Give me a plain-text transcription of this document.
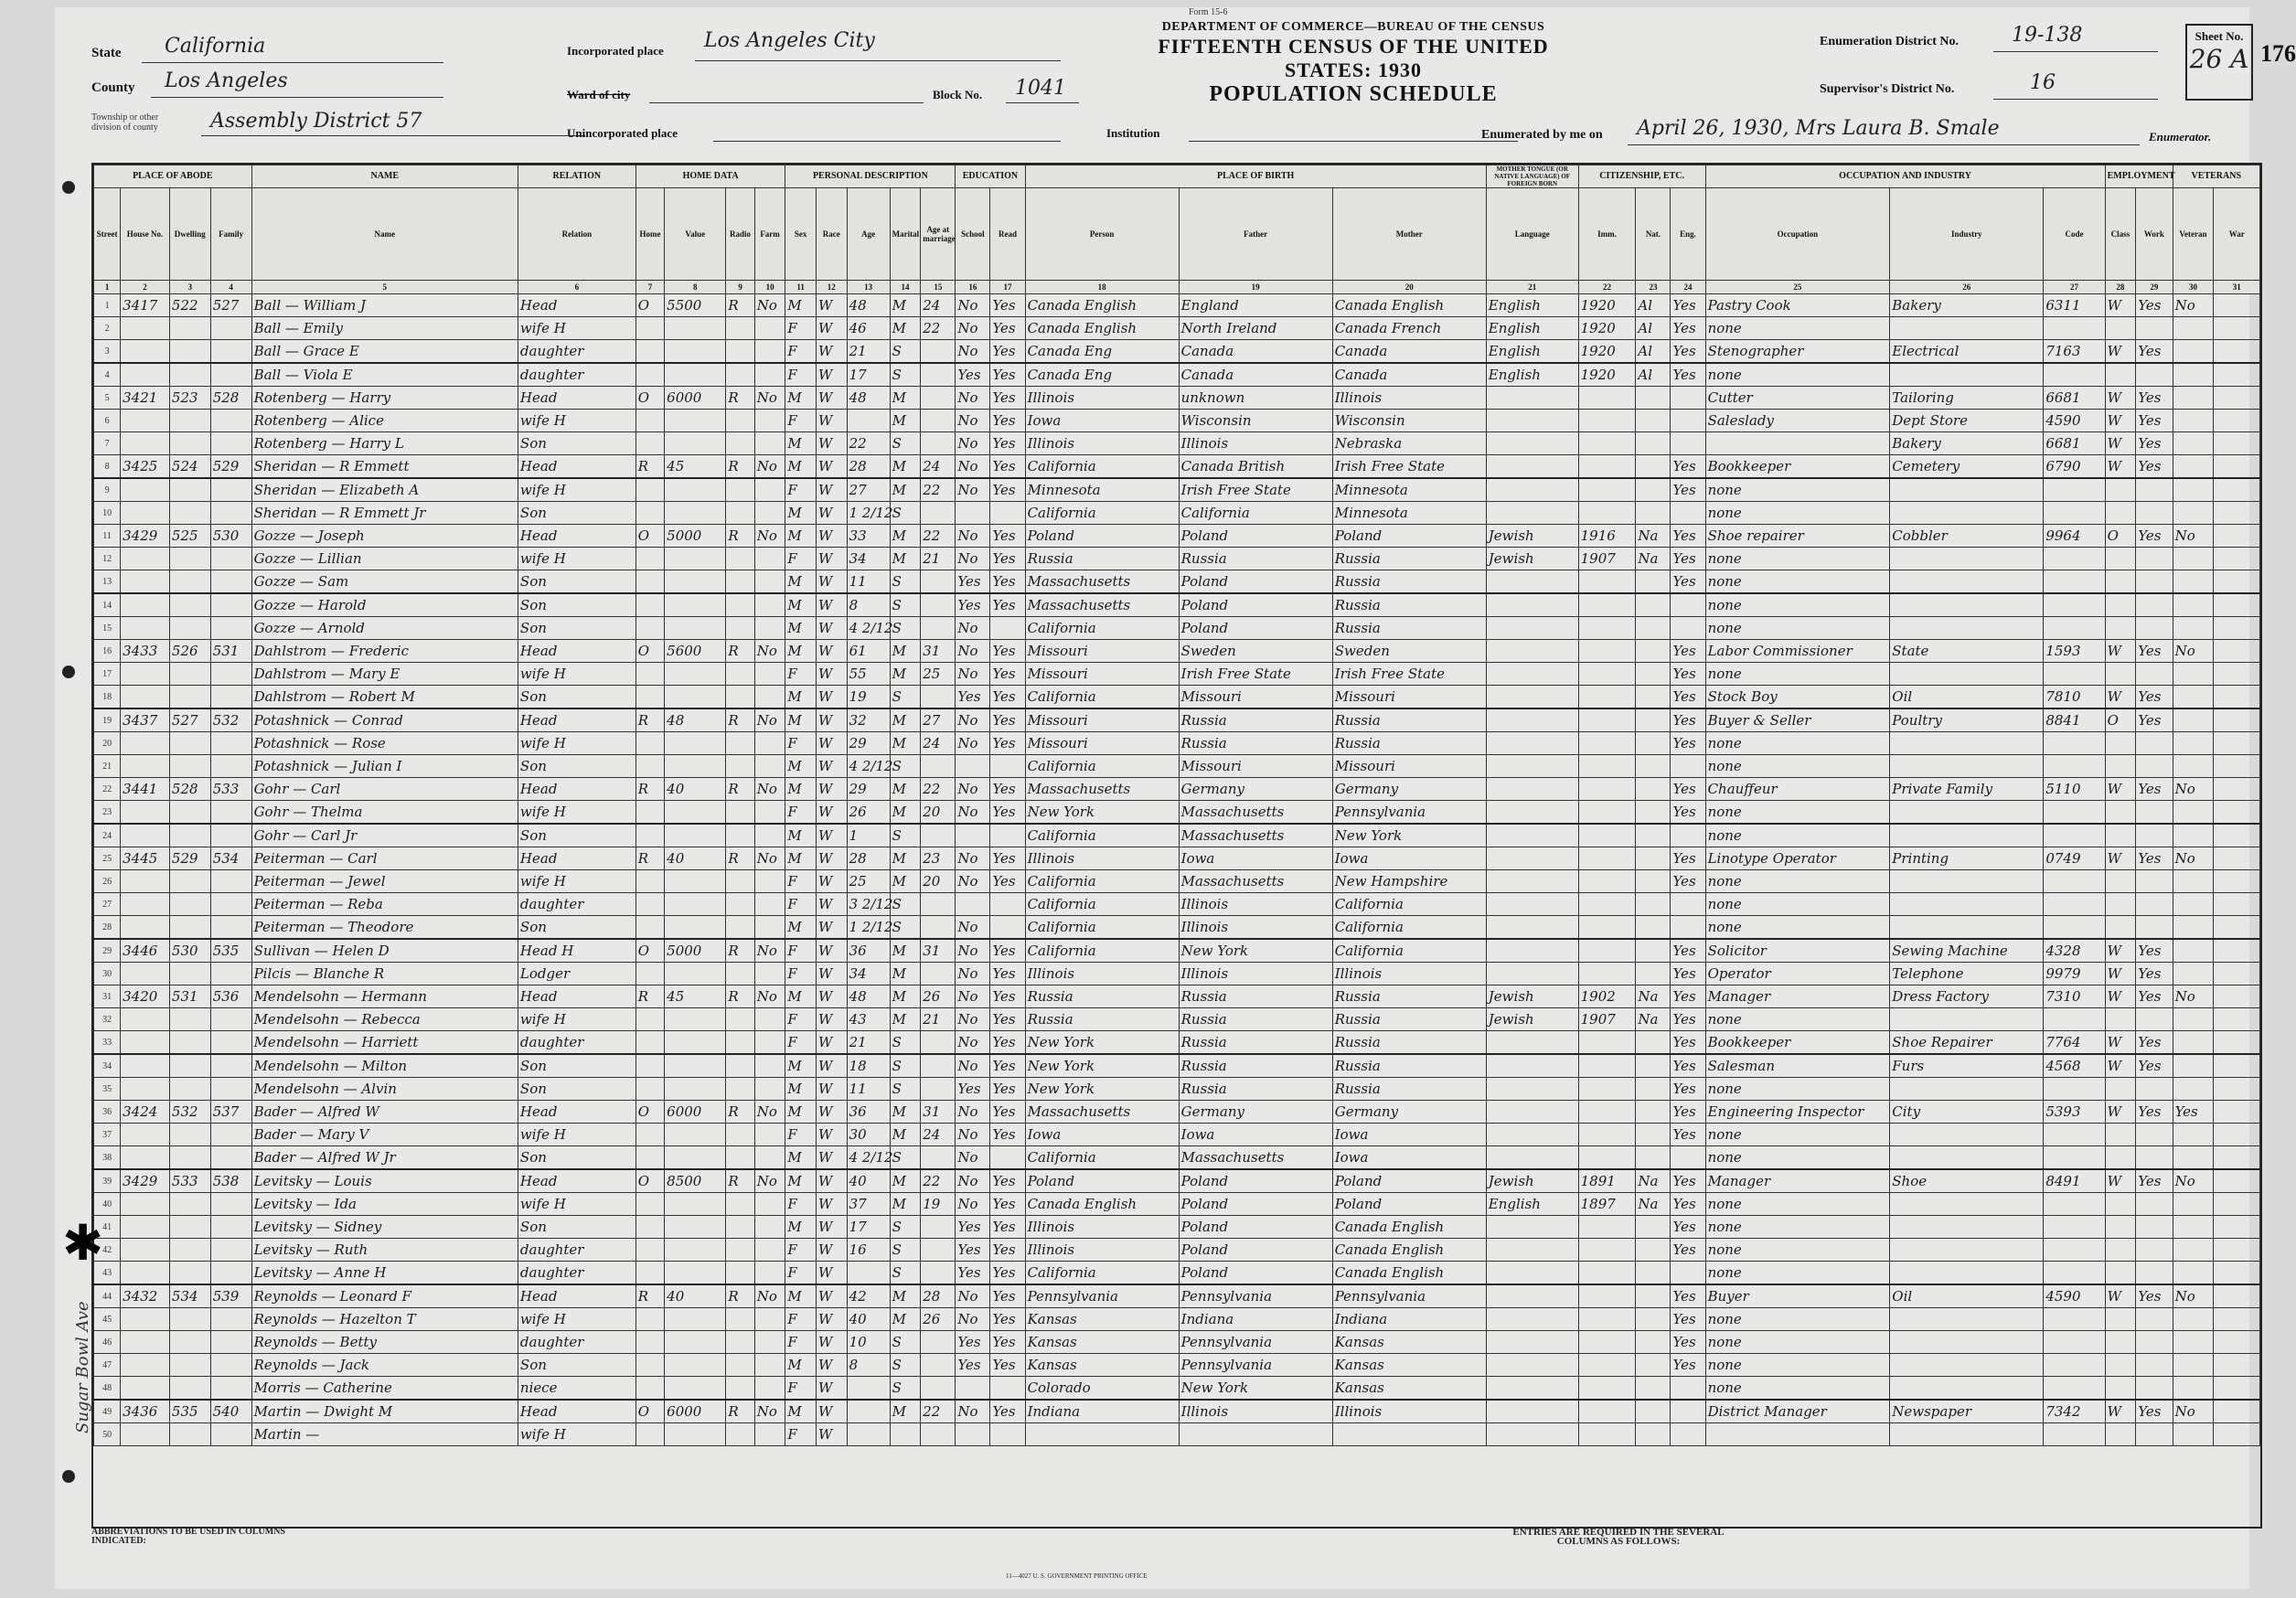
Form 15-6
State California
County Los Angeles
Township or other division of county	Assembly District 57
Incorporated place Los Angeles City
Ward of city	Block No. 1041
Unincorporated place
DEPARTMENT OF COMMERCE—BUREAU OF THE CENSUS
FIFTEENTH CENSUS OF THE UNITED STATES: 1930
POPULATION SCHEDULE
Institution
Enumeration District No.	19-138
Supervisor's District No.	16
Sheet No.
26 A 176
Enumerated by me on April 26, 1930, Mrs Laura B. Smale	Enumerator.
PLACE OF ABODE				NAME	RELATION	HOME DATA				PERSONAL DESCRIPTION					EDUCATION		PLACE OF BIRTH			MOTHER TONGUE (OR NATIVE LANGUAGE) OF FOREIGN BORN	CITIZENSHIP, ETC.			OCCUPATION AND INDUSTRY			EMPLOYMENT		VETERANS	
Street	House No.	Dwelling	Family	Name	Relation	Home	Value	Radio	Farm	Sex	Race	Age	Marital	Age at marriage	School	Read	Person	Father	Mother	Language	Imm.	Nat.	Eng.	Occupation	Industry	Code	Class	Work	Veteran	War
1	2	3	4	5	6	7	8	9	10	11	12	13	14	15	16	17	18	19	20	21	22	23	24	25	26	27	28	29	30	31
1	3417	522	527	Ball — William J	Head	O	5500	R	No	M	W	48	M	24	No	Yes	Canada English	England	Canada English	English	1920	Al	Yes	Pastry Cook	Bakery	6311	W	Yes	No	
2				Ball — Emily	wife H					F	W	46	M	22	No	Yes	Canada English	North Ireland	Canada French	English	1920	Al	Yes	none						
3				Ball — Grace E	daughter					F	W	21	S		No	Yes	Canada Eng	Canada	Canada	English	1920	Al	Yes	Stenographer	Electrical	7163	W	Yes		
4				Ball — Viola E	daughter					F	W	17	S		Yes	Yes	Canada Eng	Canada	Canada	English	1920	Al	Yes	none						
5	3421	523	528	Rotenberg — Harry	Head	O	6000	R	No	M	W	48	M		No	Yes	Illinois	unknown	Illinois					Cutter	Tailoring	6681	W	Yes		
6				Rotenberg — Alice	wife H					F	W		M		No	Yes	Iowa	Wisconsin	Wisconsin					Saleslady	Dept Store	4590	W	Yes		
7				Rotenberg — Harry L	Son					M	W	22	S		No	Yes	Illinois	Illinois	Nebraska						Bakery	6681	W	Yes		
8	3425	524	529	Sheridan — R Emmett	Head	R	45	R	No	M	W	28	M	24	No	Yes	California	Canada British	Irish Free State				Yes	Bookkeeper	Cemetery	6790	W	Yes		
9				Sheridan — Elizabeth A	wife H					F	W	27	M	22	No	Yes	Minnesota	Irish Free State	Minnesota				Yes	none						
10				Sheridan — R Emmett Jr	Son					M	W	1 2/12	S				California	California	Minnesota					none						
11	3429	525	530	Gozze — Joseph	Head	O	5000	R	No	M	W	33	M	22	No	Yes	Poland	Poland	Poland	Jewish	1916	Na	Yes	Shoe repairer	Cobbler	9964	O	Yes	No	
12				Gozze — Lillian	wife H					F	W	34	M	21	No	Yes	Russia	Russia	Russia	Jewish	1907	Na	Yes	none						
13				Gozze — Sam	Son					M	W	11	S		Yes	Yes	Massachusetts	Poland	Russia				Yes	none						
14				Gozze — Harold	Son					M	W	8	S		Yes	Yes	Massachusetts	Poland	Russia					none						
15				Gozze — Arnold	Son					M	W	4 2/12	S		No		California	Poland	Russia					none						
16	3433	526	531	Dahlstrom — Frederic	Head	O	5600	R	No	M	W	61	M	31	No	Yes	Missouri	Sweden	Sweden				Yes	Labor Commissioner	State	1593	W	Yes	No	
17				Dahlstrom — Mary E	wife H					F	W	55	M	25	No	Yes	Missouri	Irish Free State	Irish Free State				Yes	none						
18				Dahlstrom — Robert M	Son					M	W	19	S		Yes	Yes	California	Missouri	Missouri				Yes	Stock Boy	Oil	7810	W	Yes		
19	3437	527	532	Potashnick — Conrad	Head	R	48	R	No	M	W	32	M	27	No	Yes	Missouri	Russia	Russia				Yes	Buyer & Seller	Poultry	8841	O	Yes		
20				Potashnick — Rose	wife H					F	W	29	M	24	No	Yes	Missouri	Russia	Russia				Yes	none						
21				Potashnick — Julian I	Son					M	W	4 2/12	S				California	Missouri	Missouri					none						
22	3441	528	533	Gohr — Carl	Head	R	40	R	No	M	W	29	M	22	No	Yes	Massachusetts	Germany	Germany				Yes	Chauffeur	Private Family	5110	W	Yes	No	
23				Gohr — Thelma	wife H					F	W	26	M	20	No	Yes	New York	Massachusetts	Pennsylvania				Yes	none						
24				Gohr — Carl Jr	Son					M	W	1	S				California	Massachusetts	New York					none						
25	3445	529	534	Peiterman — Carl	Head	R	40	R	No	M	W	28	M	23	No	Yes	Illinois	Iowa	Iowa				Yes	Linotype Operator	Printing	0749	W	Yes	No	
26				Peiterman — Jewel	wife H					F	W	25	M	20	No	Yes	California	Massachusetts	New Hampshire				Yes	none						
27				Peiterman — Reba	daughter					F	W	3 2/12	S				California	Illinois	California					none						
28				Peiterman — Theodore	Son					M	W	1 2/12	S		No		California	Illinois	California					none						
29	3446	530	535	Sullivan — Helen D	Head H	O	5000	R	No	F	W	36	M	31	No	Yes	California	New York	California				Yes	Solicitor	Sewing Machine	4328	W	Yes		
30				Pilcis — Blanche R	Lodger					F	W	34	M		No	Yes	Illinois	Illinois	Illinois				Yes	Operator	Telephone	9979	W	Yes		
31	3420	531	536	Mendelsohn — Hermann	Head	R	45	R	No	M	W	48	M	26	No	Yes	Russia	Russia	Russia	Jewish	1902	Na	Yes	Manager	Dress Factory	7310	W	Yes	No	
32				Mendelsohn — Rebecca	wife H					F	W	43	M	21	No	Yes	Russia	Russia	Russia	Jewish	1907	Na	Yes	none						
33				Mendelsohn — Harriett	daughter					F	W	21	S		No	Yes	New York	Russia	Russia				Yes	Bookkeeper	Shoe Repairer	7764	W	Yes		
34				Mendelsohn — Milton	Son					M	W	18	S		No	Yes	New York	Russia	Russia				Yes	Salesman	Furs	4568	W	Yes		
35				Mendelsohn — Alvin	Son					M	W	11	S		Yes	Yes	New York	Russia	Russia				Yes	none						
36	3424	532	537	Bader — Alfred W	Head	O	6000	R	No	M	W	36	M	31	No	Yes	Massachusetts	Germany	Germany				Yes	Engineering Inspector	City	5393	W	Yes	Yes	
37				Bader — Mary V	wife H					F	W	30	M	24	No	Yes	Iowa	Iowa	Iowa				Yes	none						
38				Bader — Alfred W Jr	Son					M	W	4 2/12	S		No		California	Massachusetts	Iowa					none						
39	3429	533	538	Levitsky — Louis	Head	O	8500	R	No	M	W	40	M	22	No	Yes	Poland	Poland	Poland	Jewish	1891	Na	Yes	Manager	Shoe	8491	W	Yes	No	
40				Levitsky — Ida	wife H					F	W	37	M	19	No	Yes	Canada English	Poland	Poland	English	1897	Na	Yes	none						
41				Levitsky — Sidney	Son					M	W	17	S		Yes	Yes	Illinois	Poland	Canada English				Yes	none						
42				Levitsky — Ruth	daughter					F	W	16	S		Yes	Yes	Illinois	Poland	Canada English				Yes	none						
43				Levitsky — Anne H	daughter					F	W		S		Yes	Yes	California	Poland	Canada English					none						
44	3432	534	539	Reynolds — Leonard F	Head	R	40	R	No	M	W	42	M	28	No	Yes	Pennsylvania	Pennsylvania	Pennsylvania				Yes	Buyer	Oil	4590	W	Yes	No	
45				Reynolds — Hazelton T	wife H					F	W	40	M	26	No	Yes	Kansas	Indiana	Indiana				Yes	none						
46				Reynolds — Betty	daughter					F	W	10	S		Yes	Yes	Kansas	Pennsylvania	Kansas				Yes	none						
47				Reynolds — Jack	Son					M	W	8	S		Yes	Yes	Kansas	Pennsylvania	Kansas				Yes	none						
48				Morris — Catherine	niece					F	W		S				Colorado	New York	Kansas					none						
49	3436	535	540	Martin — Dwight M	Head	O	6000	R	No	M	W		M	22	No	Yes	Indiana	Illinois	Illinois					District Manager	Newspaper	7342	W	Yes	No	
50				Martin —	wife H					F	W																			
✱
Sugar Bowl Ave
ABBREVIATIONS TO BE USED IN COLUMNS INDICATED:
ENTRIES ARE REQUIRED IN THE SEVERAL COLUMNS AS FOLLOWS:
11—4027 U. S. GOVERNMENT PRINTING OFFICE
